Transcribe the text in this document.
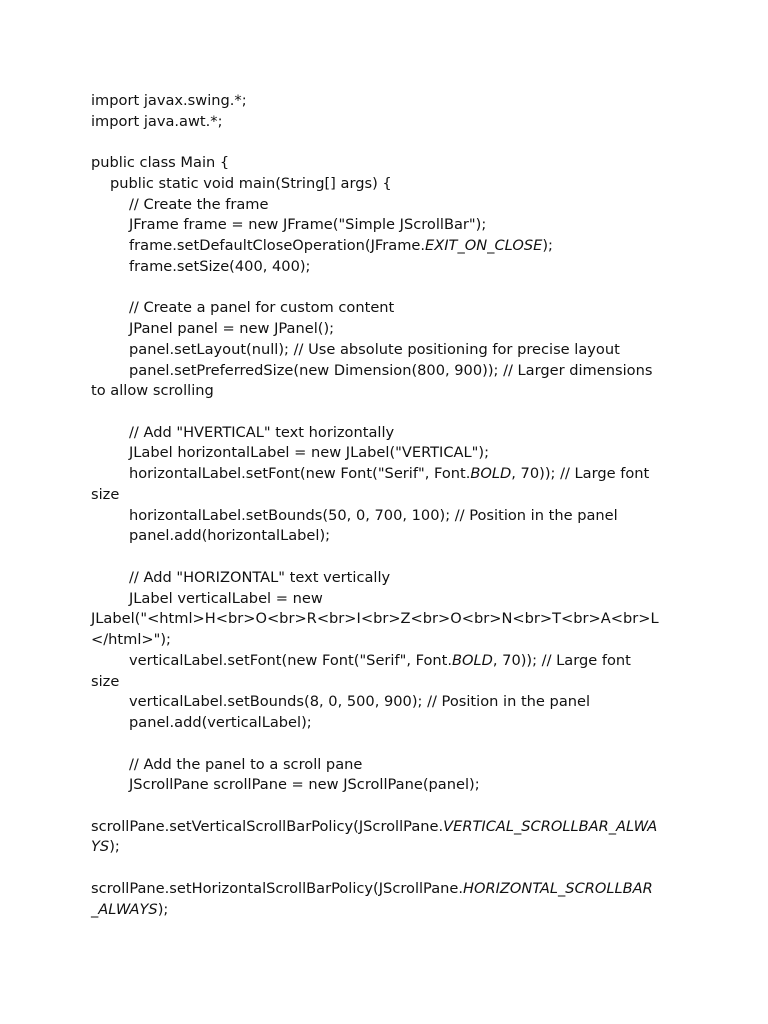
import javax.swing.*;
import java.awt.*;
public class Main {
public static void main(String[] args) {
// Create the frame
JFrame frame = new JFrame("Simple JScrollBar");
frame.setDefaultCloseOperation(JFrame.EXIT_ON_CLOSE);
frame.setSize(400, 400);
// Create a panel for custom content
JPanel panel = new JPanel();
panel.setLayout(null); // Use absolute positioning for precise layout
panel.setPreferredSize(new Dimension(800, 900)); // Larger dimensions
to allow scrolling
// Add "HVERTICAL" text horizontally
JLabel horizontalLabel = new JLabel("VERTICAL");
horizontalLabel.setFont(new Font("Serif", Font.BOLD, 70)); // Large font
size
horizontalLabel.setBounds(50, 0, 700, 100); // Position in the panel
panel.add(horizontalLabel);
// Add "HORIZONTAL" text vertically
JLabel verticalLabel = new
JLabel("<html>H<br>O<br>R<br>I<br>Z<br>O<br>N<br>T<br>A<br>L
</html>");
verticalLabel.setFont(new Font("Serif", Font.BOLD, 70)); // Large font
size
verticalLabel.setBounds(8, 0, 500, 900); // Position in the panel
panel.add(verticalLabel);
// Add the panel to a scroll pane
JScrollPane scrollPane = new JScrollPane(panel);
scrollPane.setVerticalScrollBarPolicy(JScrollPane.VERTICAL_SCROLLBAR_ALWA
YS);
scrollPane.setHorizontalScrollBarPolicy(JScrollPane.HORIZONTAL_SCROLLBAR
_ALWAYS);
